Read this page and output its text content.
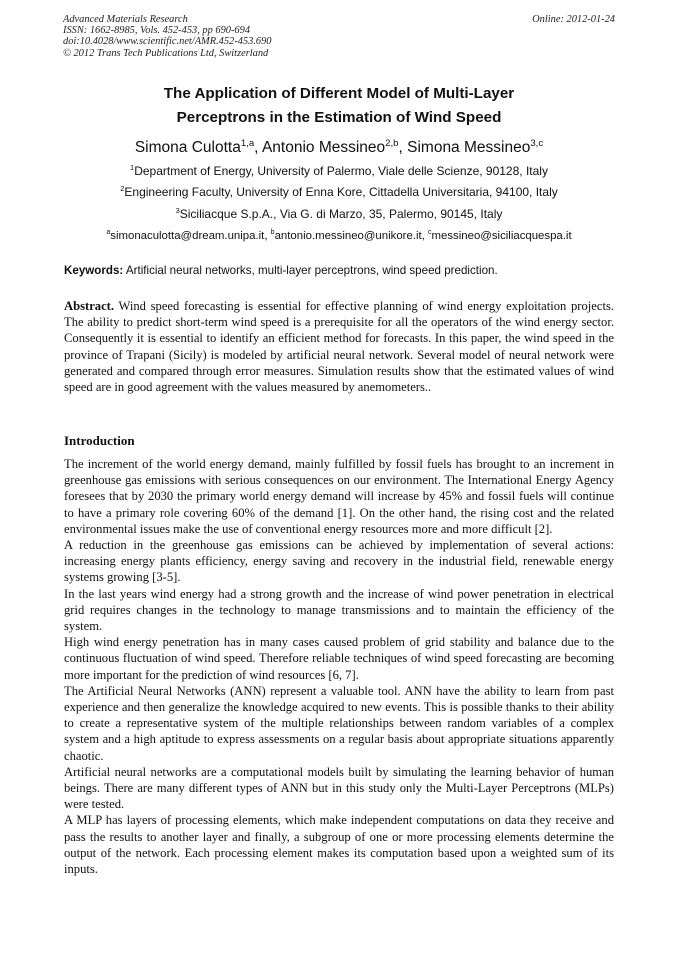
Advanced Materials Research
ISSN: 1662-8985, Vols. 452-453, pp 690-694
doi:10.4028/www.scientific.net/AMR.452-453.690
© 2012 Trans Tech Publications Ltd, Switzerland
Online: 2012-01-24
The Application of Different Model of Multi-Layer
Perceptrons in the Estimation of Wind Speed
Simona Culotta$^{1,a}$, Antonio Messineo$^{2,b}$, Simona Messineo$^{3,c}$
$^1$Department of Energy, University of Palermo, Viale delle Scienze, 90128, Italy
$^2$Engineering Faculty, University of Enna Kore, Cittadella Universitaria, 94100, Italy
$^3$Siciliacque S.p.A., Via G. di Marzo, 35, Palermo, 90145, Italy
$^a$simonaculotta@dream.unipa.it, $^b$antonio.messineo@unikore.it, $^c$messineo@siciliacquespa.it
Keywords: Artificial neural networks, multi-layer perceptrons, wind speed prediction.

Abstract. Wind speed forecasting is essential for effective planning of wind energy exploitation projects. The ability to predict short-term wind speed is a prerequisite for all the operators of the wind energy sector. Consequently it is essential to identify an efficient method for forecasts. In this paper, the wind speed in the province of Trapani (Sicily) is modeled by artificial neural network. Several model of neural network were generated and compared through error measures. Simulation results show that the estimated values of wind speed are in good agreement with the values measured by anemometers..

Introduction

The increment of the world energy demand, mainly fulfilled by fossil fuels has brought to an increment in greenhouse gas emissions with serious consequences on our environment. The International Energy Agency foresees that by 2030 the primary world energy demand will increase by 45% and fossil fuels will continue to have a primary role covering 60% of the demand [1]. On the other hand, the rising cost and the related environmental issues make the use of conventional energy resources more and more difficult [2].

A reduction in the greenhouse gas emissions can be achieved by implementation of several actions: increasing energy plants efficiency, energy saving and recovery in the industrial field, renewable energy systems growing [3-5].

In the last years wind energy had a strong growth and the increase of wind power penetration in electrical grid requires changes in the technology to manage transmissions and to maintain the efficiency of the system.

High wind energy penetration has in many cases caused problem of grid stability and balance due to the continuous fluctuation of wind speed. Therefore reliable techniques of wind speed forecasting are becoming more important for the prediction of wind resources [6, 7].

The Artificial Neural Networks (ANN) represent a valuable tool. ANN have the ability to learn from past experience and then generalize the knowledge acquired to new events. This is possible thanks to their ability to create a representative system of the multiple relationships between random variables of a complex system and a high aptitude to express assessments on a regular basis about appropriate situations apparently chaotic.

Artificial neural networks are a computational models built by simulating the learning behavior of human beings. There are many different types of ANN but in this study only the Multi-Layer Perceptrons (MLPs) were tested.

A MLP has layers of processing elements, which make independent computations on data they receive and pass the results to another layer and finally, a subgroup of one or more processing elements determine the output of the network. Each processing element makes its computation based upon a weighted sum of its inputs.
